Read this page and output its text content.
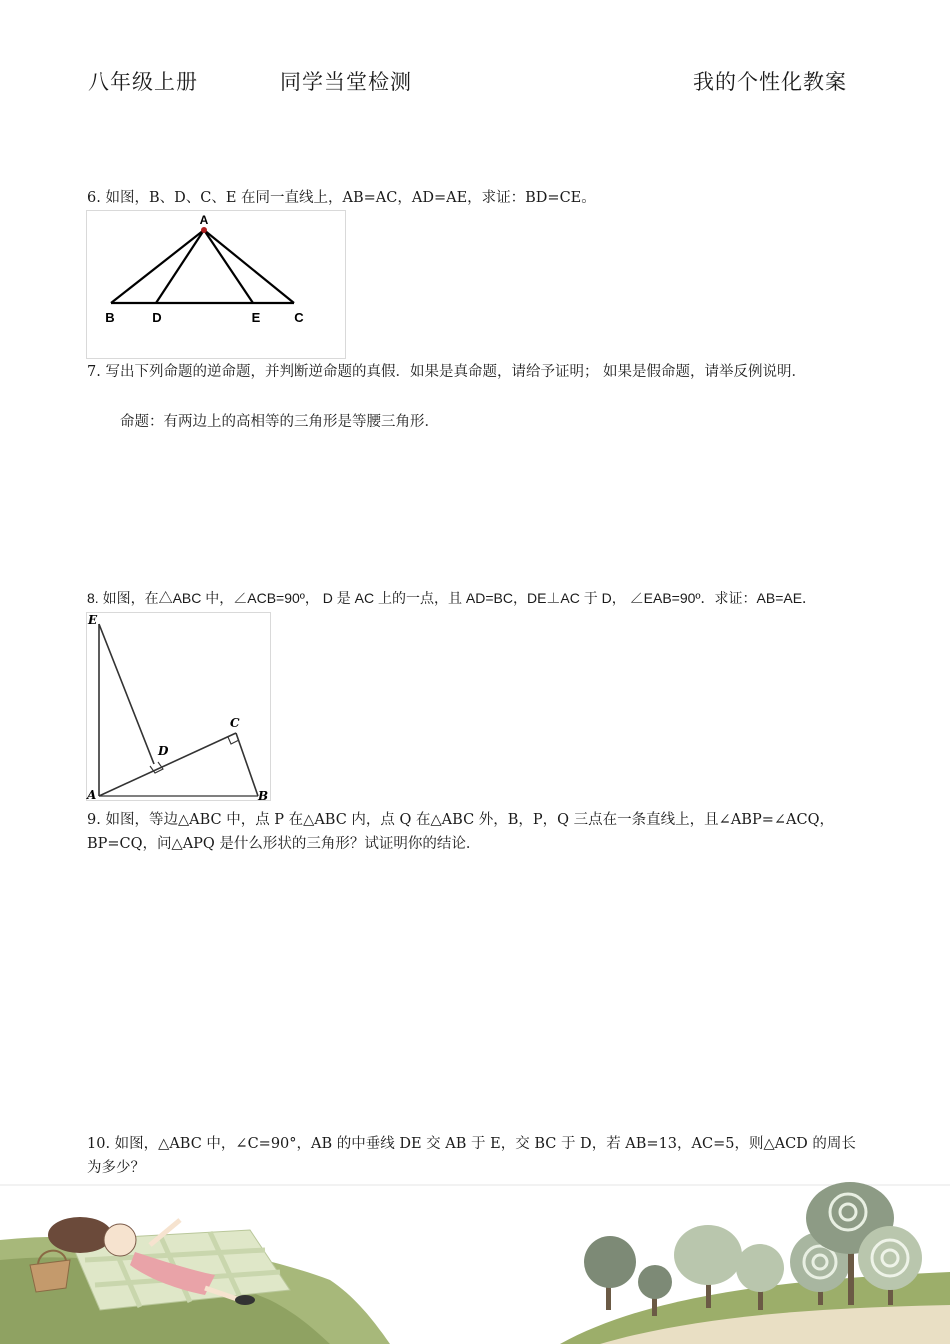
八年级上册	同学当堂检测	我的个性化教案
6. 如图，B、D、C、E 在同一直线上，AB=AC，AD=AE，求证：BD=CE。
A
B	D	E	C
7. 写出下列命题的逆命题，并判断逆命题的真假．如果是真命题，请给予证明； 如果是假命题，请举反例说明．
命题：有两边上的高相等的三角形是等腰三角形．
8. 如图，在△ABC 中，∠ACB=90º， D 是 AC 上的一点，且 AD=BC，DE⊥AC 于 D， ∠EAB=90º．求证：AB=AE．
E
C
D
A	B
9. 如图，等边△ABC 中，点 P 在△ABC 内，点 Q 在△ABC 外，B，P，Q 三点在一条直线上，且∠ABP=∠ACQ，BP=CQ，问△APQ 是什么形状的三角形？试证明你的结论．
10. 如图，△ABC 中，∠C=90°，AB 的中垂线 DE 交 AB 于 E，交 BC 于 D，若 AB=13，AC=5，则△ACD 的周长为多少？
